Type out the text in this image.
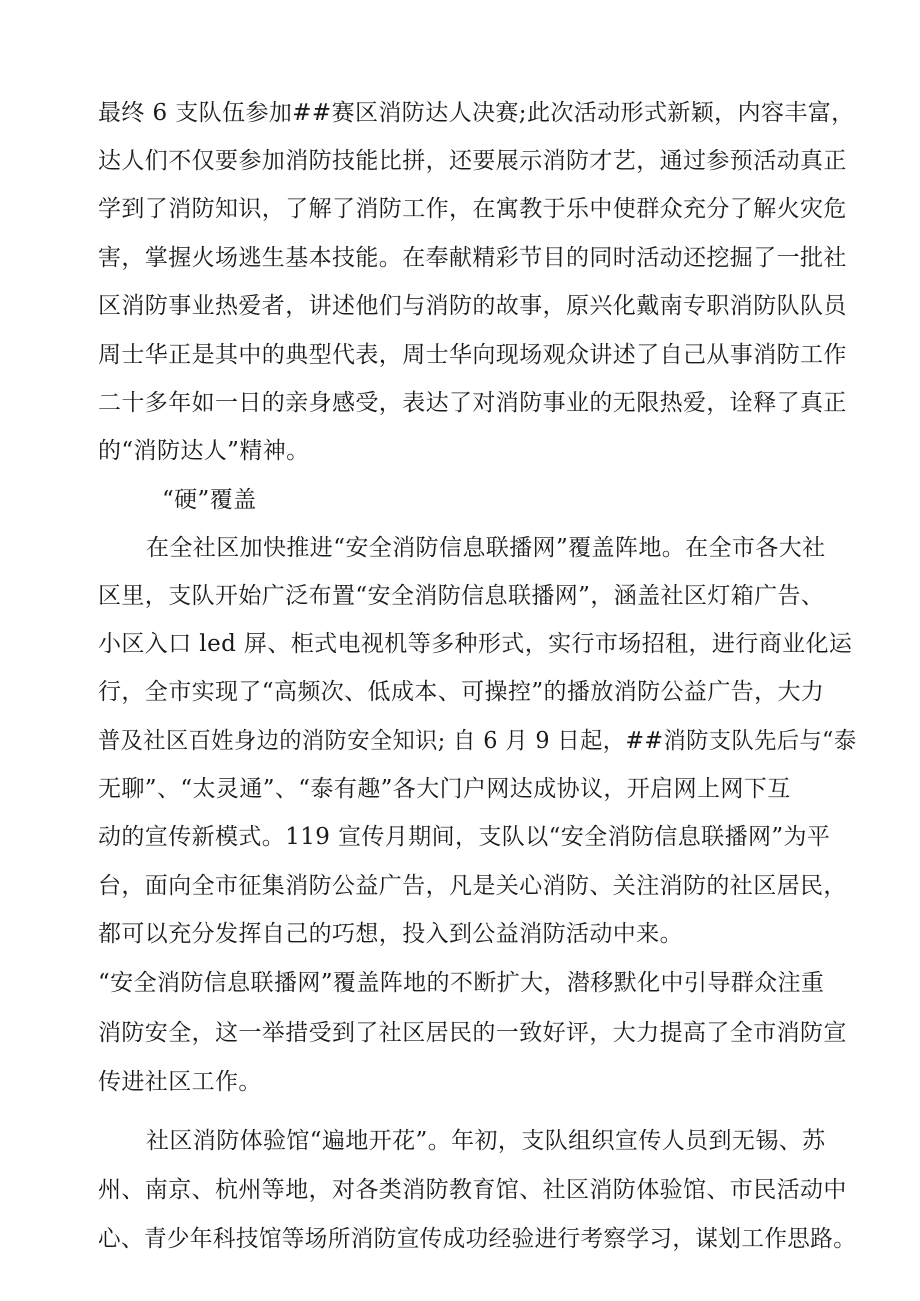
最终 6 支队伍参加##赛区消防达人决赛;此次活动形式新颖，内容丰富，
达人们不仅要参加消防技能比拼，还要展示消防才艺，通过参预活动真正
学到了消防知识，了解了消防工作，在寓教于乐中使群众充分了解火灾危
害，掌握火场逃生基本技能。在奉献精彩节目的同时活动还挖掘了一批社
区消防事业热爱者，讲述他们与消防的故事，原兴化戴南专职消防队队员
周士华正是其中的典型代表，周士华向现场观众讲述了自己从事消防工作
二十多年如一日的亲身感受，表达了对消防事业的无限热爱，诠释了真正
的“消防达人”精神。
“硬”覆盖
在全社区加快推进“安全消防信息联播网”覆盖阵地。在全市各大社
区里，支队开始广泛布置“安全消防信息联播网”，涵盖社区灯箱广告、
小区入口 led 屏、柜式电视机等多种形式，实行市场招租，进行商业化运
行，全市实现了“高频次、低成本、可操控”的播放消防公益广告，大力
普及社区百姓身边的消防安全知识; 自 6 月 9 日起，##消防支队先后与“泰
无聊”、“太灵通”、“泰有趣”各大门户网达成协议，开启网上网下互
动的宣传新模式。119 宣传月期间，支队以“安全消防信息联播网”为平
台，面向全市征集消防公益广告，凡是关心消防、关注消防的社区居民，
都可以充分发挥自己的巧想，投入到公益消防活动中来。
“安全消防信息联播网”覆盖阵地的不断扩大，潜移默化中引导群众注重
消防安全，这一举措受到了社区居民的一致好评，大力提高了全市消防宣
传进社区工作。
社区消防体验馆“遍地开花”。年初，支队组织宣传人员到无锡、苏
州、南京、杭州等地，对各类消防教育馆、社区消防体验馆、市民活动中
心、青少年科技馆等场所消防宣传成功经验进行考察学习，谋划工作思路。
